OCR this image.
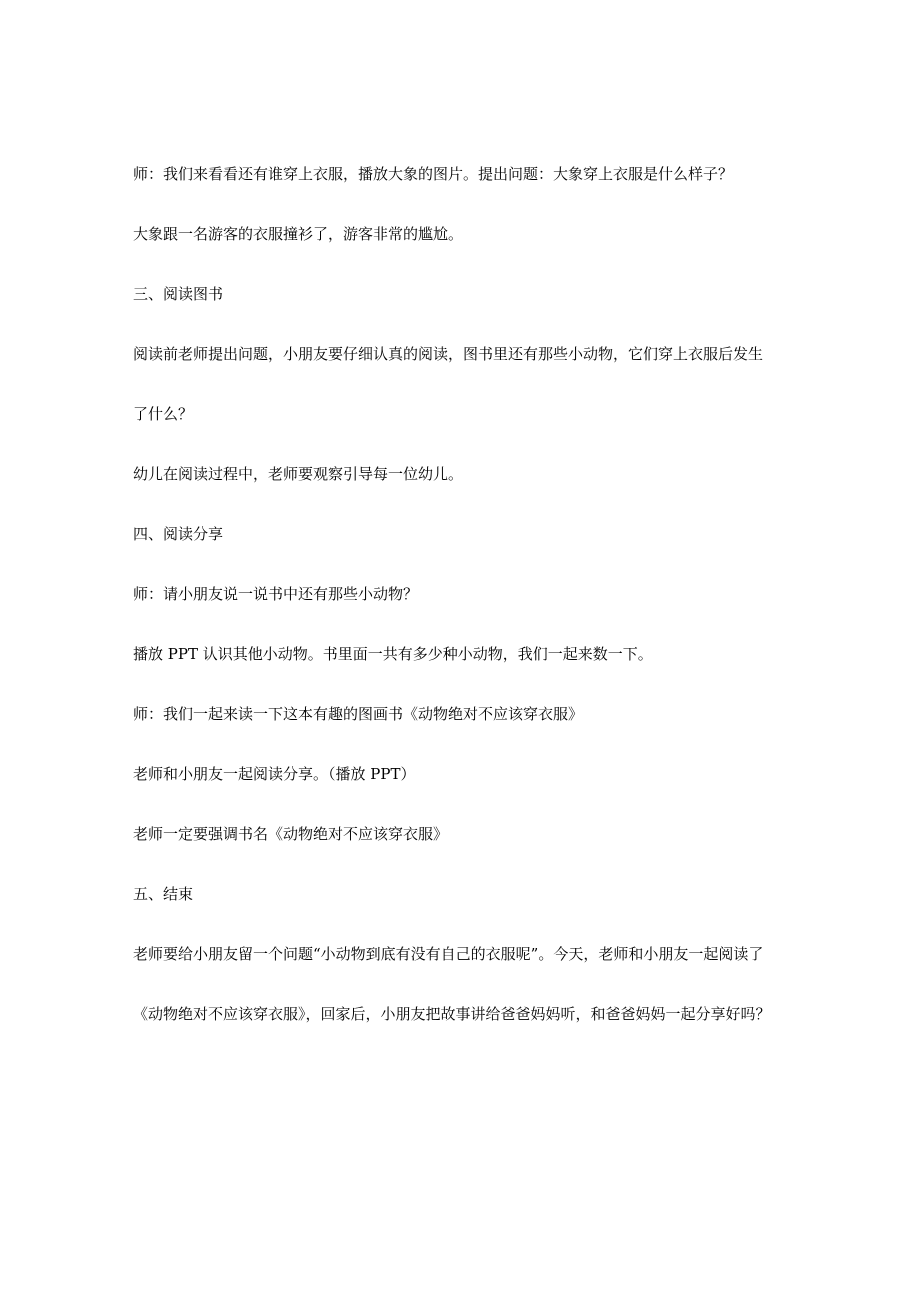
师：我们来看看还有谁穿上衣服，播放大象的图片。提出问题：大象穿上衣服是什么样子？
大象跟一名游客的衣服撞衫了，游客非常的尴尬。
三、阅读图书
阅读前老师提出问题，小朋友要仔细认真的阅读，图书里还有那些小动物，它们穿上衣服后发生
了什么？
幼儿在阅读过程中，老师要观察引导每一位幼儿。
四、阅读分享
师：请小朋友说一说书中还有那些小动物？
播放 PPT 认识其他小动物。书里面一共有多少种小动物，我们一起来数一下。
师：我们一起来读一下这本有趣的图画书《动物绝对不应该穿衣服》
老师和小朋友一起阅读分享。（播放 PPT）
老师一定要强调书名《动物绝对不应该穿衣服》
五、结束
老师要给小朋友留一个问题“小动物到底有没有自己的衣服呢”。今天，老师和小朋友一起阅读了
《动物绝对不应该穿衣服》，回家后，小朋友把故事讲给爸爸妈妈听，和爸爸妈妈一起分享好吗？
